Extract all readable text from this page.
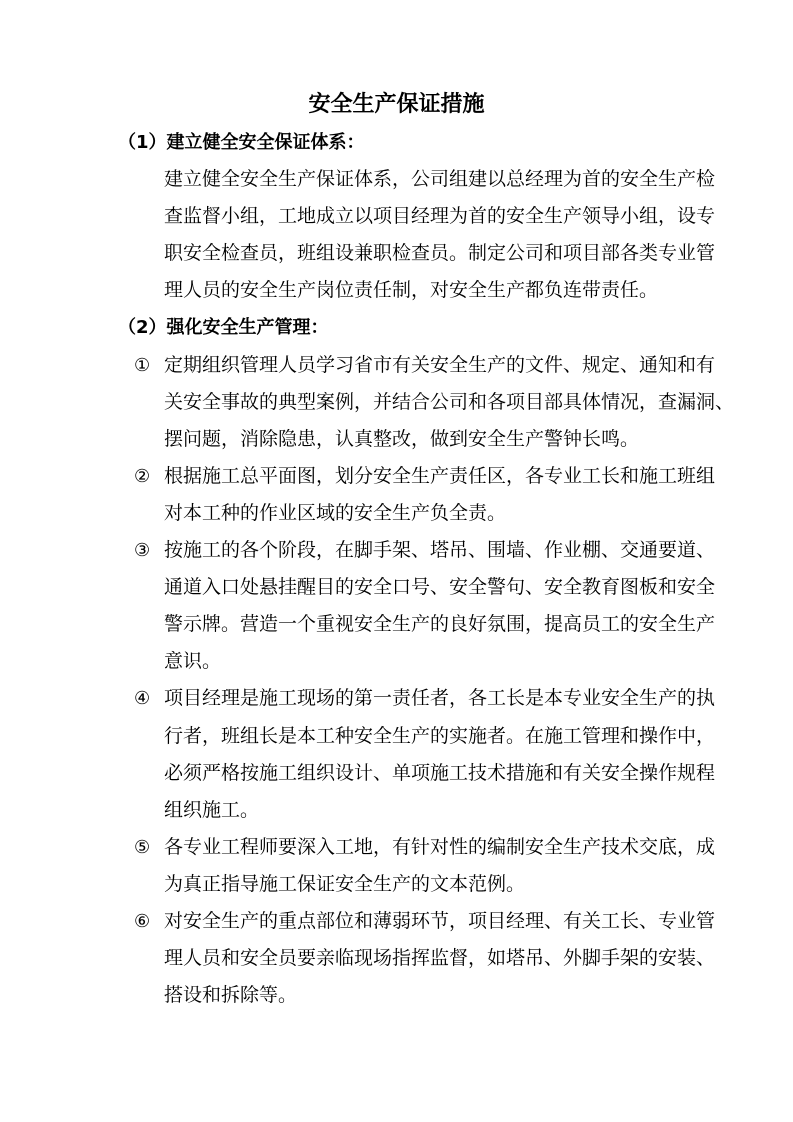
安全生产保证措施
（1）建立健全安全保证体系：
建立健全安全生产保证体系，公司组建以总经理为首的安全生产检
查监督小组，工地成立以项目经理为首的安全生产领导小组，设专
职安全检查员，班组设兼职检查员。制定公司和项目部各类专业管
理人员的安全生产岗位责任制，对安全生产都负连带责任。
（2）强化安全生产管理：
① 定期组织管理人员学习省市有关安全生产的文件、规定、通知和有
关安全事故的典型案例，并结合公司和各项目部具体情况，查漏洞、
摆问题，消除隐患，认真整改，做到安全生产警钟长鸣。
② 根据施工总平面图，划分安全生产责任区，各专业工长和施工班组
对本工种的作业区域的安全生产负全责。
③ 按施工的各个阶段，在脚手架、塔吊、围墙、作业棚、交通要道、
通道入口处悬挂醒目的安全口号、安全警句、安全教育图板和安全
警示牌。营造一个重视安全生产的良好氛围，提高员工的安全生产
意识。
④ 项目经理是施工现场的第一责任者，各工长是本专业安全生产的执
行者，班组长是本工种安全生产的实施者。在施工管理和操作中，
必须严格按施工组织设计、单项施工技术措施和有关安全操作规程
组织施工。
⑤ 各专业工程师要深入工地，有针对性的编制安全生产技术交底，成
为真正指导施工保证安全生产的文本范例。
⑥ 对安全生产的重点部位和薄弱环节，项目经理、有关工长、专业管
理人员和安全员要亲临现场指挥监督，如塔吊、外脚手架的安装、
搭设和拆除等。
